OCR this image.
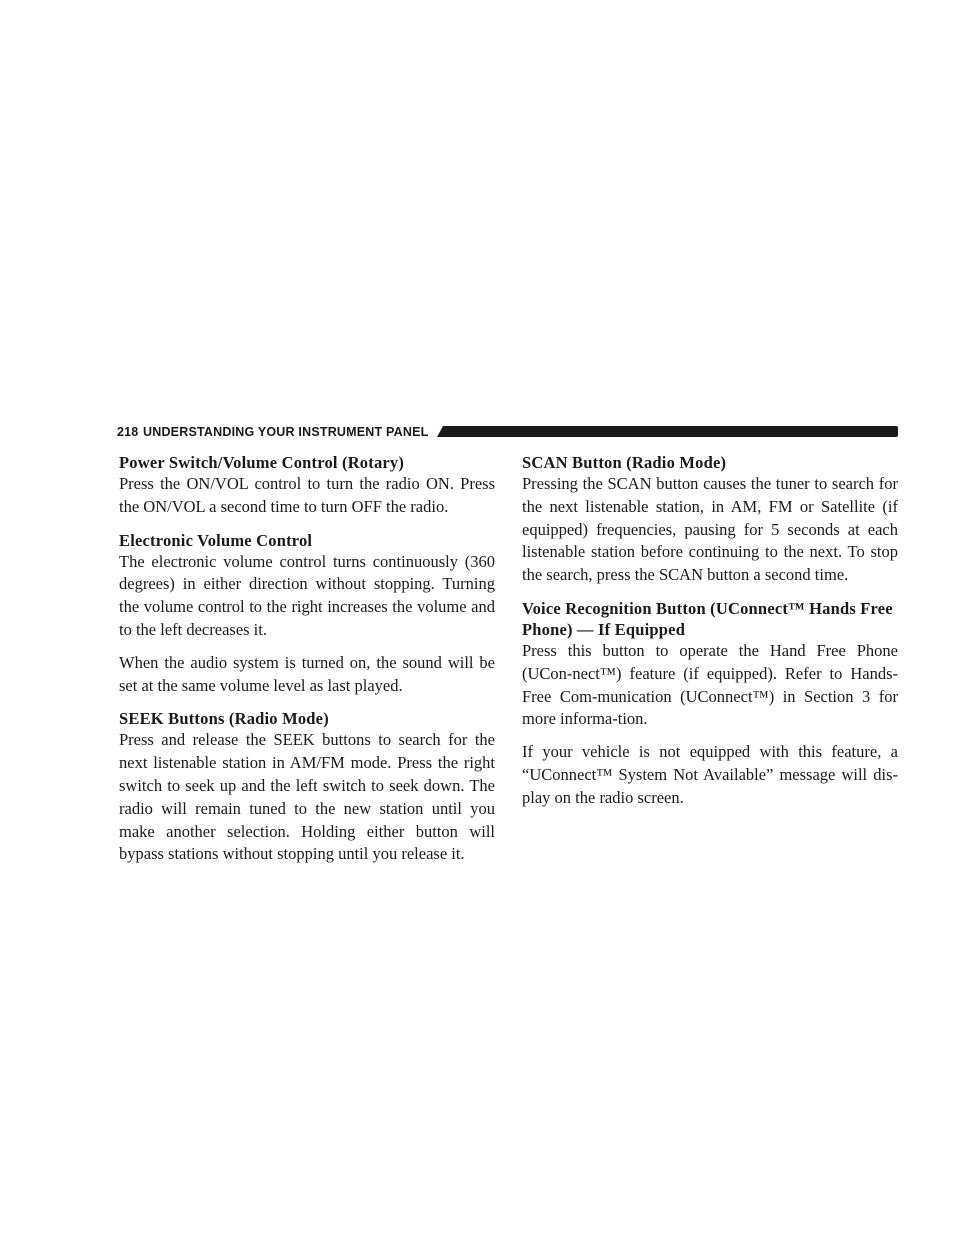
218 UNDERSTANDING YOUR INSTRUMENT PANEL
Power Switch/Volume Control (Rotary)

Press the ON/VOL control to turn the radio ON. Press the ON/VOL a second time to turn OFF the radio.

Electronic Volume Control

The electronic volume control turns continuously (360 degrees) in either direction without stopping. Turning the volume control to the right increases the volume and to the left decreases it.

When the audio system is turned on, the sound will be set at the same volume level as last played.

SEEK Buttons (Radio Mode)

Press and release the SEEK buttons to search for the next listenable station in AM/FM mode. Press the right switch to seek up and the left switch to seek down. The radio will remain tuned to the new station until you make another selection. Holding either button will bypass stations without stopping until you release it.

SCAN Button (Radio Mode)

Pressing the SCAN button causes the tuner to search for the next listenable station, in AM, FM or Satellite (if equipped) frequencies, pausing for 5 seconds at each listenable station before continuing to the next. To stop the search, press the SCAN button a second time.

Voice Recognition Button (UConnect™ Hands Free Phone) — If Equipped

Press this button to operate the Hand Free Phone (UCon-nect™) feature (if equipped). Refer to Hands-Free Com-munication (UConnect™) in Section 3 for more informa-tion.

If your vehicle is not equipped with this feature, a “UConnect™ System Not Available” message will dis-play on the radio screen.
